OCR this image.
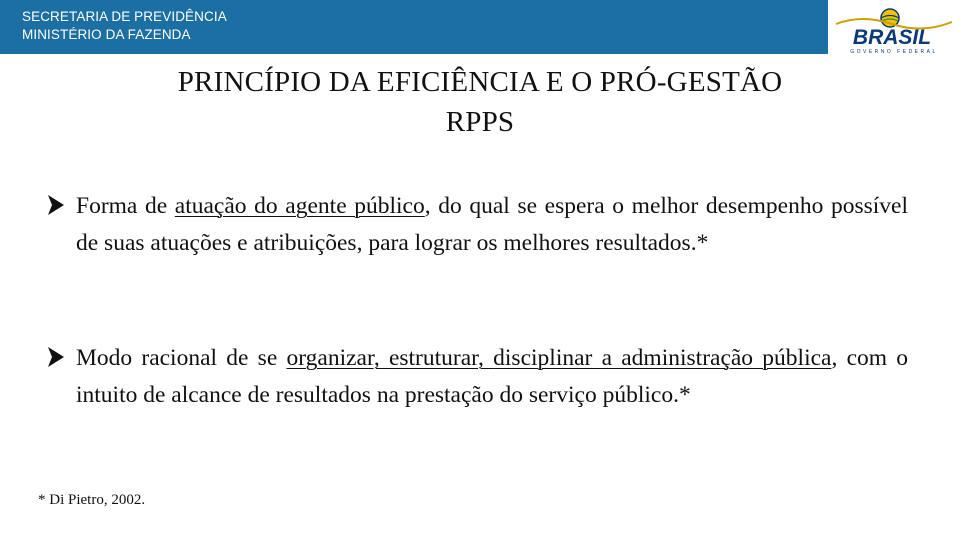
SECRETARIA DE PREVIDÊNCIA
MINISTÉRIO DA FAZENDA	BRASIL
GOVERNO FEDERAL
PRINCÍPIO DA EFICIÊNCIA E O PRÓ-GESTÃO
RPPS
Forma de atuação do agente público, do qual se espera o melhor desempenho possível de suas atuações e atribuições, para lograr os melhores resultados.*
Modo racional de se organizar, estruturar, disciplinar a administração pública, com o intuito de alcance de resultados na prestação do serviço público.*
* Di Pietro, 2002.
